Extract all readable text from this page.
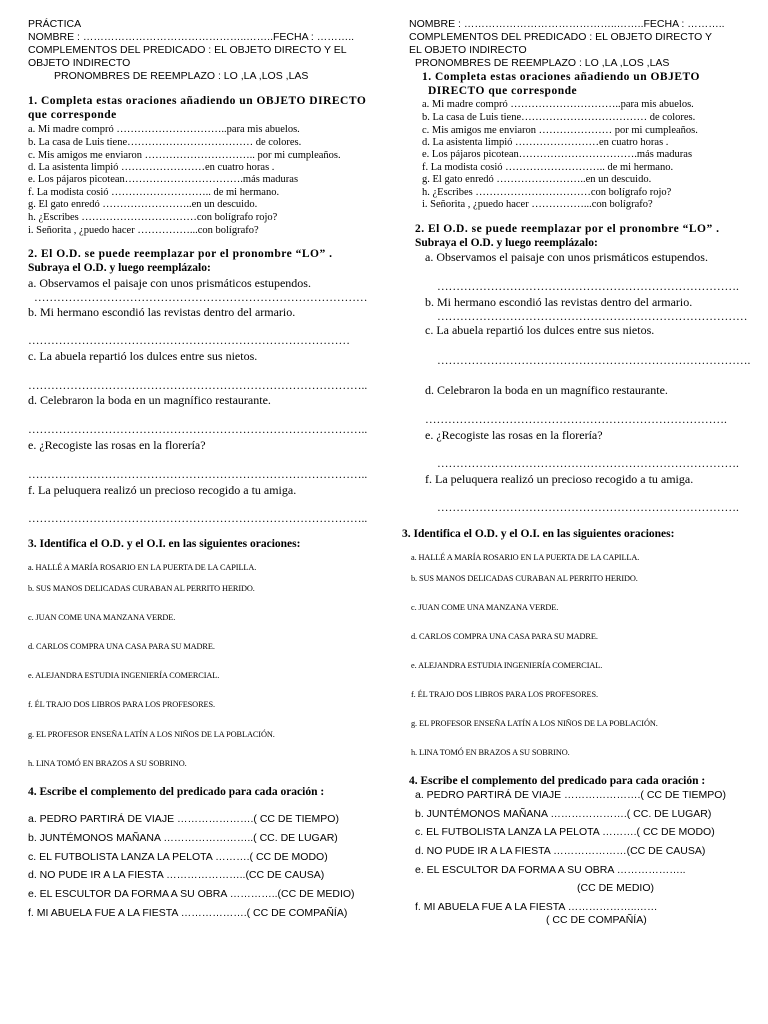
PRÁCTICA
NOMBRE : ………………………………………..……..FECHA : ………..
COMPLEMENTOS DEL PREDICADO : EL OBJETO DIRECTO Y EL
OBJETO INDIRECTO
PRONOMBRES DE REEMPLAZO : LO ,LA ,LOS ,LAS
1. Completa estas oraciones añadiendo un OBJETO DIRECTO
que corresponde
a. Mi madre compró …………………………..para mis abuelos.
b. La casa de Luis tiene……………………………… de colores.
c. Mis amigos me enviaron ………………………….. por mi cumpleaños.
d. La asistenta limpió ……………………en cuatro horas .
e. Los pájaros picotean…………………………….más maduras
f. La modista cosió ……………………….. de mi hermano.
g. El gato enredó ……………………..en un descuido.
h. ¿Escribes ……………………………con bolígrafo rojo?
i. Señorita , ¿puedo hacer ……………...con bolígrafo?
2. El O.D. se puede reemplazar por el pronombre “LO” .
Subraya el O.D. y luego reemplázalo:
a. Observamos el paisaje con unos prismáticos estupendos.
……………………………………………………………………………
b. Mi hermano escondió las revistas dentro del armario.
…………………………………………………………………………
c. La abuela repartió los dulces entre sus nietos.
……………………………………………………………………………..
d. Celebraron la boda en un magnífico restaurante.
……………………………………………………………………………..
e. ¿Recogiste las rosas en la florería?
……………………………………………………………………………..
f. La peluquera realizó un precioso recogido a tu amiga.
……………………………………………………………………………..
3. Identifica el O.D. y el O.I. en las siguientes oraciones:
a. HALLÉ A MARÍA ROSARIO EN LA PUERTA DE LA CAPILLA.
b. SUS MANOS DELICADAS CURABAN AL PERRITO HERIDO.
c. JUAN COME UNA MANZANA VERDE.
d. CARLOS COMPRA UNA CASA PARA SU MADRE.
e. ALEJANDRA ESTUDIA INGENIERÍA COMERCIAL.
f. ÉL TRAJO DOS LIBROS PARA LOS PROFESORES.
g. EL PROFESOR ENSEÑA LATÍN A LOS NIÑOS DE LA POBLACIÓN.
h. LINA TOMÓ EN BRAZOS A SU SOBRINO.
4. Escribe el complemento del predicado para cada oración :
a. PEDRO PARTIRÁ DE VIAJE ………………….( CC DE TIEMPO)
b. JUNTÉMONOS MAÑANA ……………………..( CC. DE LUGAR)
c. EL FUTBOLISTA LANZA LA PELOTA ……….( CC DE MODO)
d. NO PUDE IR A LA FIESTA …………………..(CC DE CAUSA)
e. EL ESCULTOR DA FORMA A SU OBRA …………..(CC DE MEDIO)
f. MI ABUELA FUE A LA FIESTA ……………….( CC DE COMPAÑÍA)
NOMBRE : ……………………………………..……..FECHA : ………..
COMPLEMENTOS DEL PREDICADO : EL OBJETO DIRECTO Y
EL OBJETO INDIRECTO
PRONOMBRES DE REEMPLAZO : LO ,LA ,LOS ,LAS
1. Completa estas oraciones añadiendo un OBJETO
DIRECTO que corresponde
a. Mi madre compró …………………………..para mis abuelos.
b. La casa de Luis tiene……………………………… de colores.
c. Mis amigos me enviaron ………………… por mi cumpleaños.
d. La asistenta limpió ……………………en cuatro horas .
e. Los pájaros picotean…………………………….más maduras
f. La modista cosió ……………………….. de mi hermano.
g. El gato enredó ……………………..en un descuido.
h. ¿Escribes ……………………………con bolígrafo rojo?
i. Señorita , ¿puedo hacer ……………...con bolígrafo?
2. El O.D. se puede reemplazar por el pronombre “LO” .
Subraya el O.D. y luego reemplázalo:
a. Observamos el paisaje con unos prismáticos estupendos.
…………………………………………………………………….
b. Mi hermano escondió las revistas dentro del armario.
………………………………………………………………………
c. La abuela repartió los dulces entre sus nietos.
……………………………………………………………………….
d. Celebraron la boda en un magnífico restaurante.
…………………………………………………………………….
e. ¿Recogiste las rosas en la florería?
…………………………………………………………………….
f. La peluquera realizó un precioso recogido a tu amiga.
…………………………………………………………………….
3. Identifica el O.D. y el O.I. en las siguientes oraciones:
a. HALLÉ A MARÍA ROSARIO EN LA PUERTA DE LA CAPILLA.
b. SUS MANOS DELICADAS CURABAN AL PERRITO HERIDO.
c. JUAN COME UNA MANZANA VERDE.
d. CARLOS COMPRA UNA CASA PARA SU MADRE.
e. ALEJANDRA ESTUDIA INGENIERÍA COMERCIAL.
f. ÉL TRAJO DOS LIBROS PARA LOS PROFESORES.
g. EL PROFESOR ENSEÑA LATÍN A LOS NIÑOS DE LA POBLACIÓN.
h. LINA TOMÓ EN BRAZOS A SU SOBRINO.
4. Escribe el complemento del predicado para cada oración :
a. PEDRO PARTIRÁ DE VIAJE ………………….( CC DE TIEMPO)
b. JUNTÉMONOS MAÑANA ………………….( CC. DE LUGAR)
c. EL FUTBOLISTA LANZA LA PELOTA ……….( CC DE MODO)
d. NO PUDE IR A LA FIESTA …………………(CC DE CAUSA)
e. EL ESCULTOR DA FORMA A SU OBRA ………………..
(CC DE MEDIO)
f. MI ABUELA FUE A LA FIESTA ………………..……
( CC DE COMPAÑÍA)
